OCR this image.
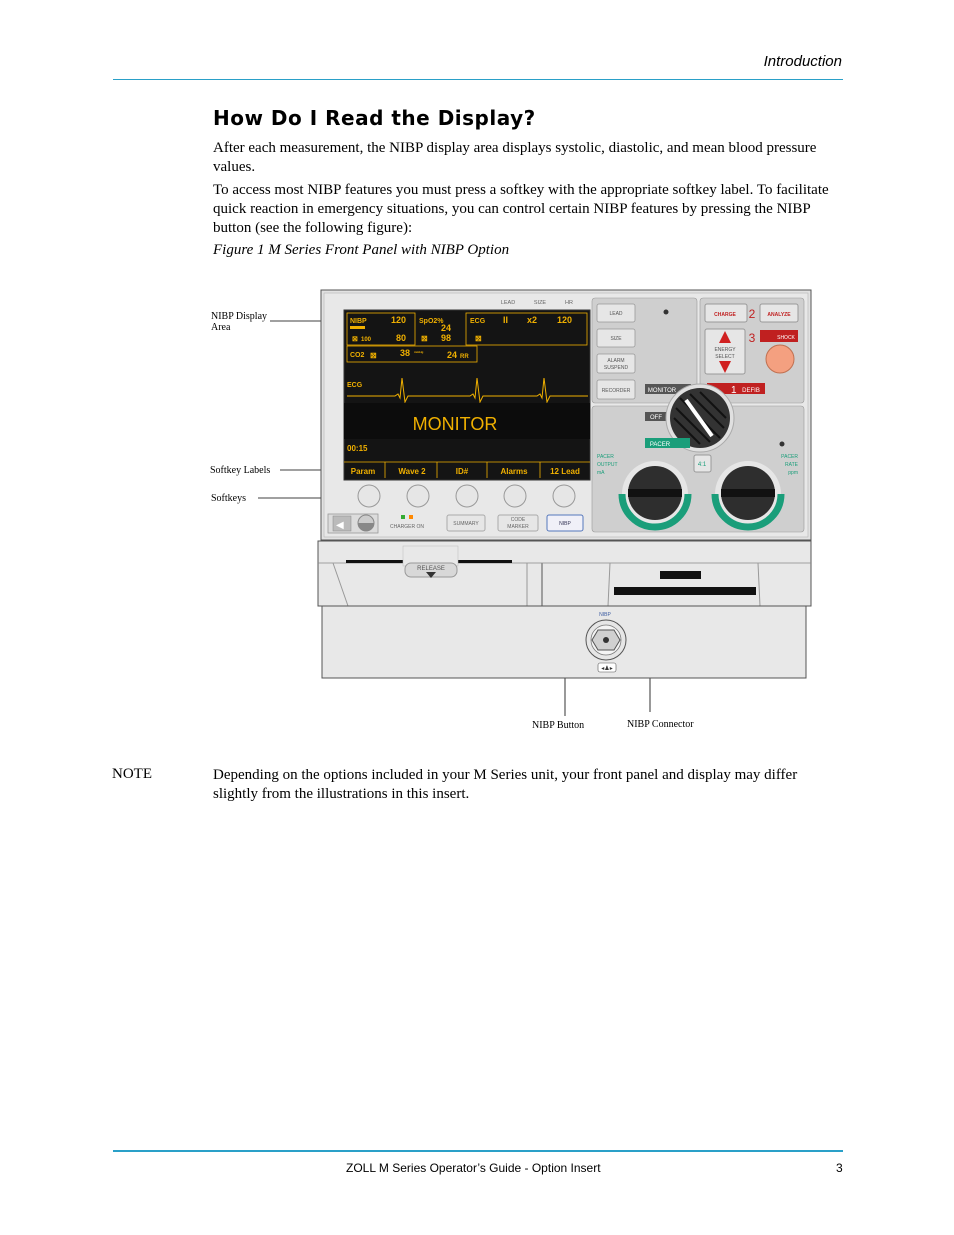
Introduction
How Do I Read the Display?
After each measurement, the NIBP display area displays systolic, diastolic, and mean blood pressure values.
To access most NIBP features you must press a softkey with the appropriate softkey label. To facilitate quick reaction in emergency situations, you can control certain NIBP features by pressing the NIBP button (see the following figure):
Figure 1 M Series Front Panel with NIBP Option
NIBP Display
Area
Softkey Labels
Softkeys
NIBP Button	NIBP Connector
LEAD	SIZE	HR
NIBP	120
⊠ 100	80
SpO2%
24
⊠ 98
ECG II x2 120
⊠
CO2 ⊠	38 mmHg	24 RR
ECG
00:15
MONITOR
Param	Wave 2	ID#	Alarms	12 Lead
◀	CHARGER ON	SUMMARY
CODE
MARKER	NIBP
LEAD
SIZE
ALARM
SUSPEND
RECORDER
CHARGE 2 ANALYZE
ENERGY
SELECT
3	SHOCK
MONITOR	1 DEFIB
OFF
PACER
PACER
OUTPUT
mA
PACER
RATE
ppm
4:1
RELEASE
NIBP
◂♟▸
NOTE	Depending on the options included in your M Series unit, your front panel and display may differ slightly from the illustrations in this insert.
ZOLL M Series Operator’s Guide - Option Insert	3
